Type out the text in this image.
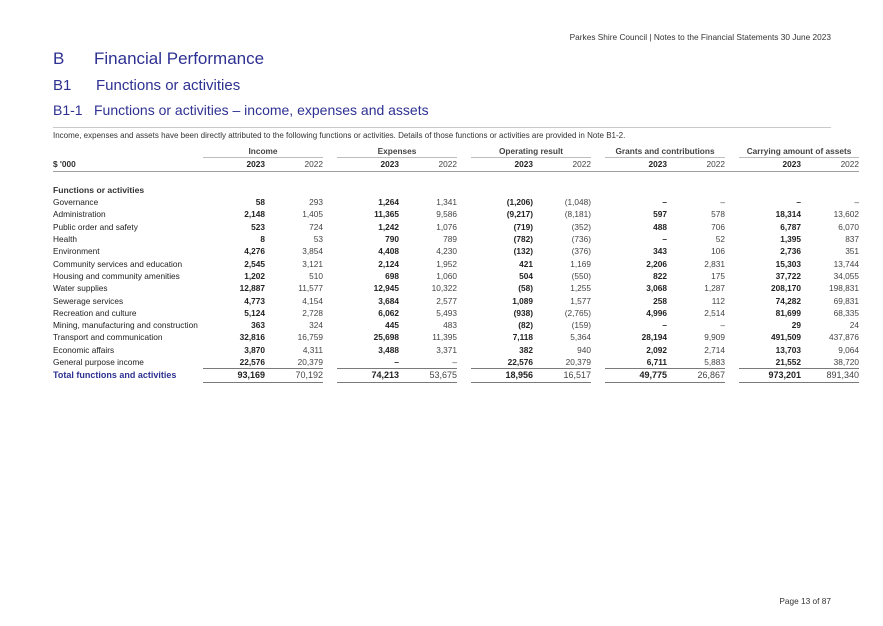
Parkes Shire Council | Notes to the Financial Statements 30 June 2023
B Financial Performance
B1 Functions or activities
B1-1 Functions or activities – income, expenses and assets
Income, expenses and assets have been directly attributed to the following functions or activities. Details of those functions or activities are provided in Note B1-2.
	Income			Expenses			Operating result			Grants and contributions			Carrying amount of assets	
$ '000	2023	2022		2023	2022		2023	2022		2023	2022		2023	2022

Functions or activities														
Governance	58	293		1,264	1,341		(1,206)	(1,048)		–	–		–	–
Administration	2,148	1,405		11,365	9,586		(9,217)	(8,181)		597	578		18,314	13,602
Public order and safety	523	724		1,242	1,076		(719)	(352)		488	706		6,787	6,070
Health	8	53		790	789		(782)	(736)		–	52		1,395	837
Environment	4,276	3,854		4,408	4,230		(132)	(376)		343	106		2,736	351
Community services and education	2,545	3,121		2,124	1,952		421	1,169		2,206	2,831		15,303	13,744
Housing and community amenities	1,202	510		698	1,060		504	(550)		822	175		37,722	34,055
Water supplies	12,887	11,577		12,945	10,322		(58)	1,255		3,068	1,287		208,170	198,831
Sewerage services	4,773	4,154		3,684	2,577		1,089	1,577		258	112		74,282	69,831
Recreation and culture	5,124	2,728		6,062	5,493		(938)	(2,765)		4,996	2,514		81,699	68,335
Mining, manufacturing and construction	363	324		445	483		(82)	(159)		–	–		29	24
Transport and communication	32,816	16,759		25,698	11,395		7,118	5,364		28,194	9,909		491,509	437,876
Economic affairs	3,870	4,311		3,488	3,371		382	940		2,092	2,714		13,703	9,064
General purpose income	22,576	20,379		–	–		22,576	20,379		6,711	5,883		21,552	38,720
Total functions and activities	93,169	70,192		74,213	53,675		18,956	16,517		49,775	26,867		973,201	891,340
Page 13 of 87
